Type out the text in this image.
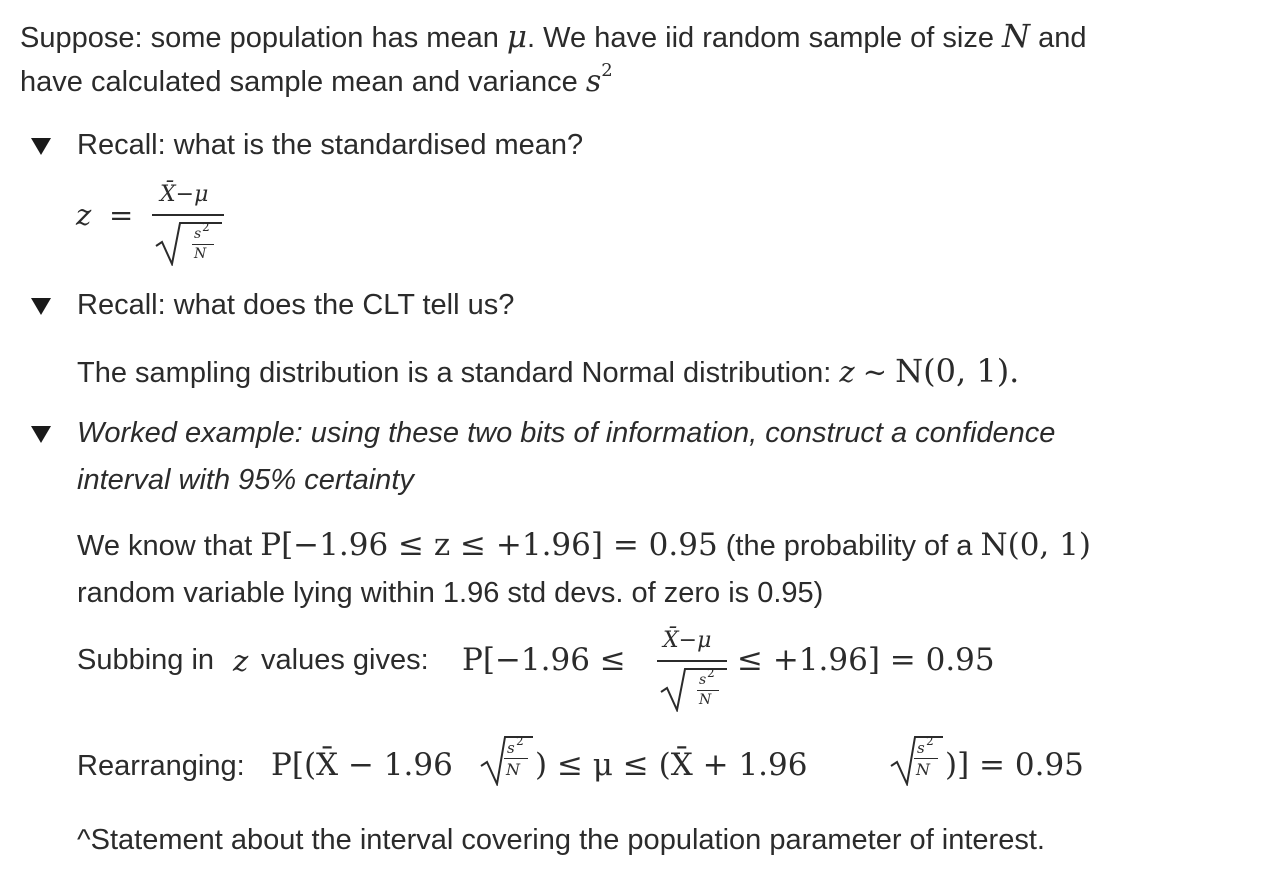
Suppose: some population has mean μ. We have iid random sample of size N and
have calculated sample mean and variance $s^2$
Recall: what is the standardised mean?
z =
X̄−μ
s 2
N
Recall: what does the CLT tell us?
The sampling distribution is a standard Normal distribution: z ∼ N(0, 1).
Worked example: using these two bits of information, construct a confidence
interval with 95% certainty
We know that P[−1.96 ≤ z ≤ +1.96] = 0.95 (the probability of a N(0, 1)
random variable lying within 1.96 std devs. of zero is 0.95)
Subbing in z values gives: P[−1.96 ≤
X̄−μ
s 2
N
≤ +1.96] = 0.95
Rearranging: P[(X̄ − 1.96	s 2
N ) ≤ μ ≤ (X̄ + 1.96	s 2
N )] = 0.95
^Statement about the interval covering the population parameter of interest.
